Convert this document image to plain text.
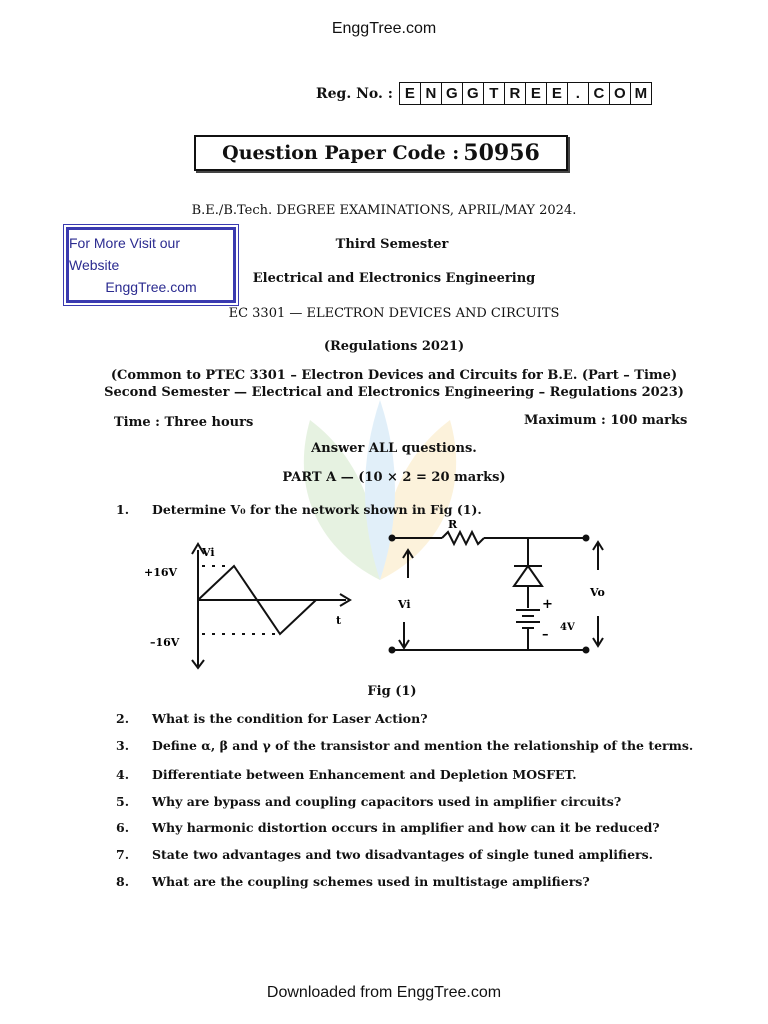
EnggTree.com
Reg. No. : E N G G T R E E . C O M
Question Paper Code : 50956
B.E./B.Tech. DEGREE EXAMINATIONS, APRIL/MAY 2024.
For More Visit our Website
EnggTree.com
Third Semester
Electrical and Electronics Engineering
EC 3301 — ELECTRON DEVICES AND CIRCUITS
(Regulations 2021)
(Common to PTEC 3301 – Electron Devices and Circuits for B.E. (Part – Time)
Second Semester — Electrical and Electronics Engineering – Regulations 2023)
Time : Three hours	Maximum : 100 marks
Answer ALL questions.
PART A — (10 × 2 = 20 marks)
1. Determine V₀ for the network shown in Fig (1).
+16V
–16V
Vi
t
R
Vi
Vo
+
– 4V
Fig (1)
2. What is the condition for Laser Action?
3. Define α, β and γ of the transistor and mention the relationship of the terms.
4. Differentiate between Enhancement and Depletion MOSFET.
5. Why are bypass and coupling capacitors used in amplifier circuits?
6. Why harmonic distortion occurs in amplifier and how can it be reduced?
7. State two advantages and two disadvantages of single tuned amplifiers.
8. What are the coupling schemes used in multistage amplifiers?
Downloaded from EnggTree.com
